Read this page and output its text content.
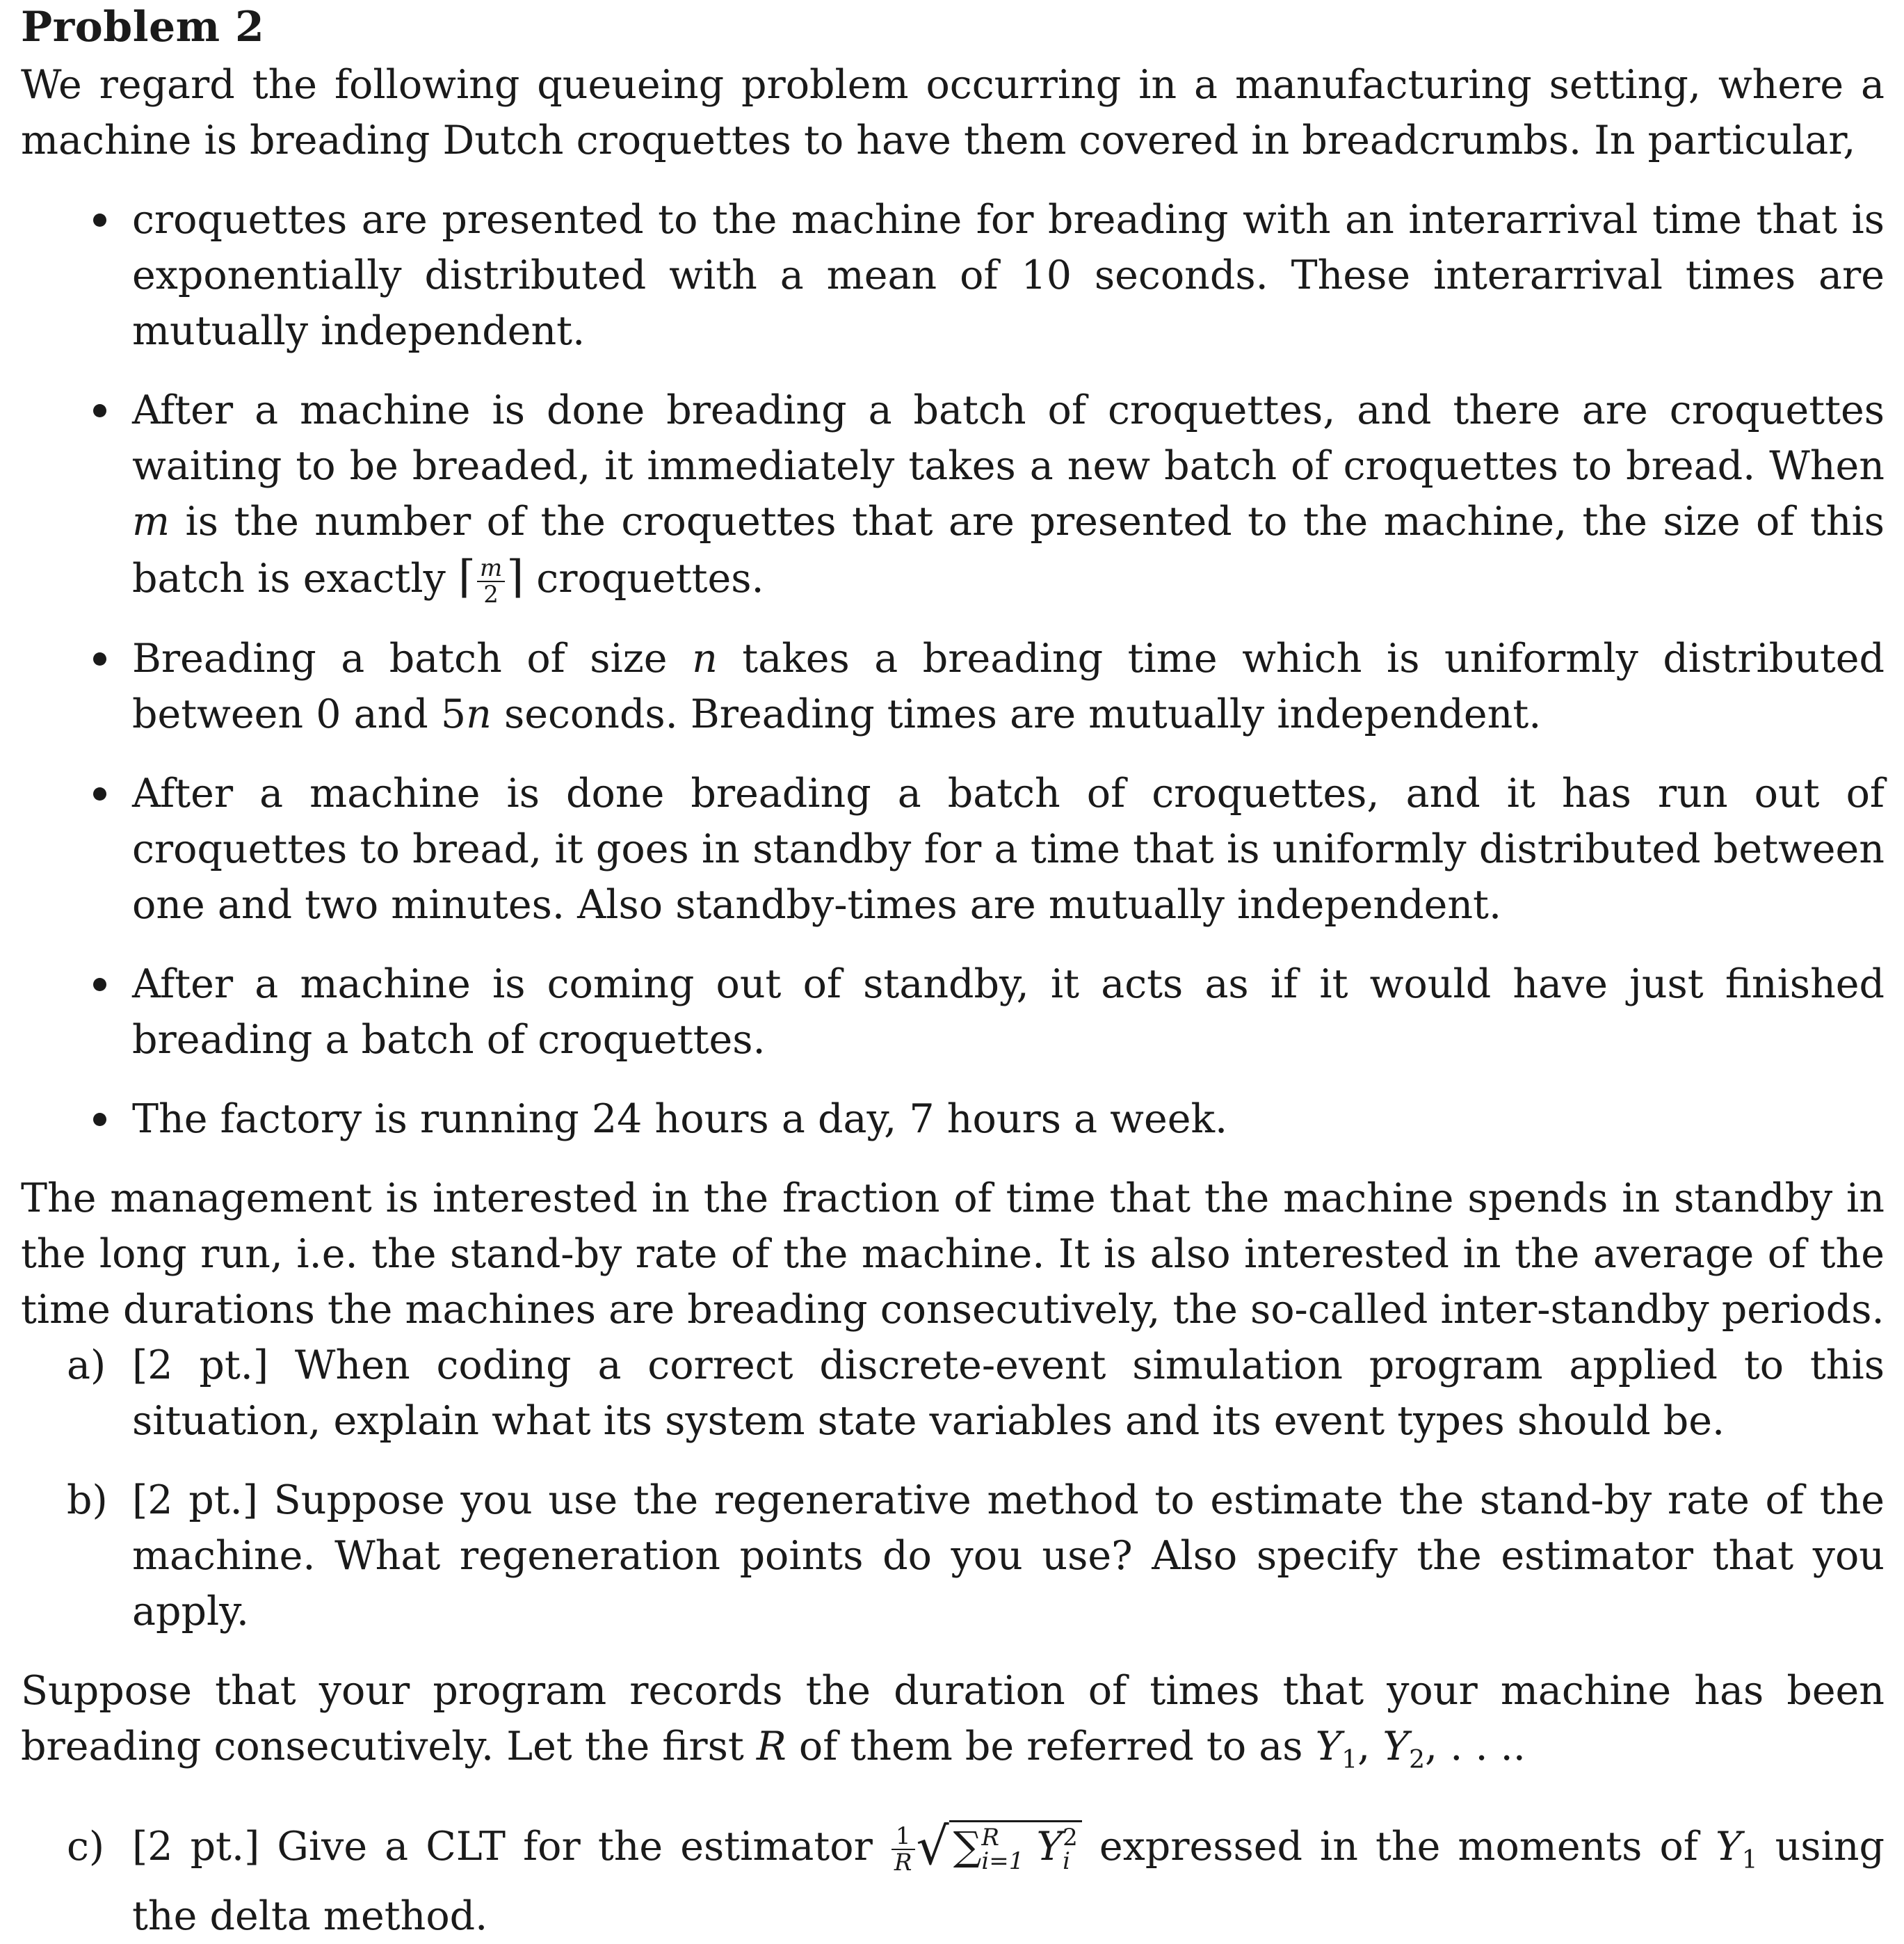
Problem 2

We regard the following queueing problem occurring in a manufacturing setting, where a machine is breading Dutch croquettes to have them covered in breadcrumbs. In particular,

croquettes are presented to the machine for breading with an interarrival time that is exponentially distributed with a mean of 10 seconds. These interarrival times are mutually independent.
After a machine is done breading a batch of croquettes, and there are croquettes waiting to be breaded, it immediately takes a new batch of croquettes to bread. When m is the number of the croquettes that are presented to the machine, the size of this batch is exactly ⌈ $\frac{m}{2}$ ⌉ croquettes.
Breading a batch of size n takes a breading time which is uniformly distributed between 0 and 5n seconds. Breading times are mutually independent.
After a machine is done breading a batch of croquettes, and it has run out of croquettes to bread, it goes in standby for a time that is uniformly distributed between one and two minutes. Also standby-times are mutually independent.
After a machine is coming out of standby, it acts as if it would have just finished breading a batch of croquettes.
The factory is running 24 hours a day, 7 hours a week.

The management is interested in the fraction of time that the machine spends in standby in the long run, i.e. the stand-by rate of the machine. It is also interested in the average of the time durations the machines are breading consecutively, the so-called inter-standby periods.

a) [2 pt.] When coding a correct discrete-event simulation program applied to this situation, explain what its system state variables and its event types should be.
b) [2 pt.] Suppose you use the regenerative method to estimate the stand-by rate of the machine. What regeneration points do you use? Also specify the estimator that you apply.

Suppose that your program records the duration of times that your machine has been breading consecutively. Let the first R of them be referred to as $Y_1$, $Y_2$, . . ..

c) [2 pt.] Give a CLT for the estimator $\frac{1}{R}$ √ ∑ R
i=1 Y 2
i expressed in the moments of $Y_1$ using the delta method.
